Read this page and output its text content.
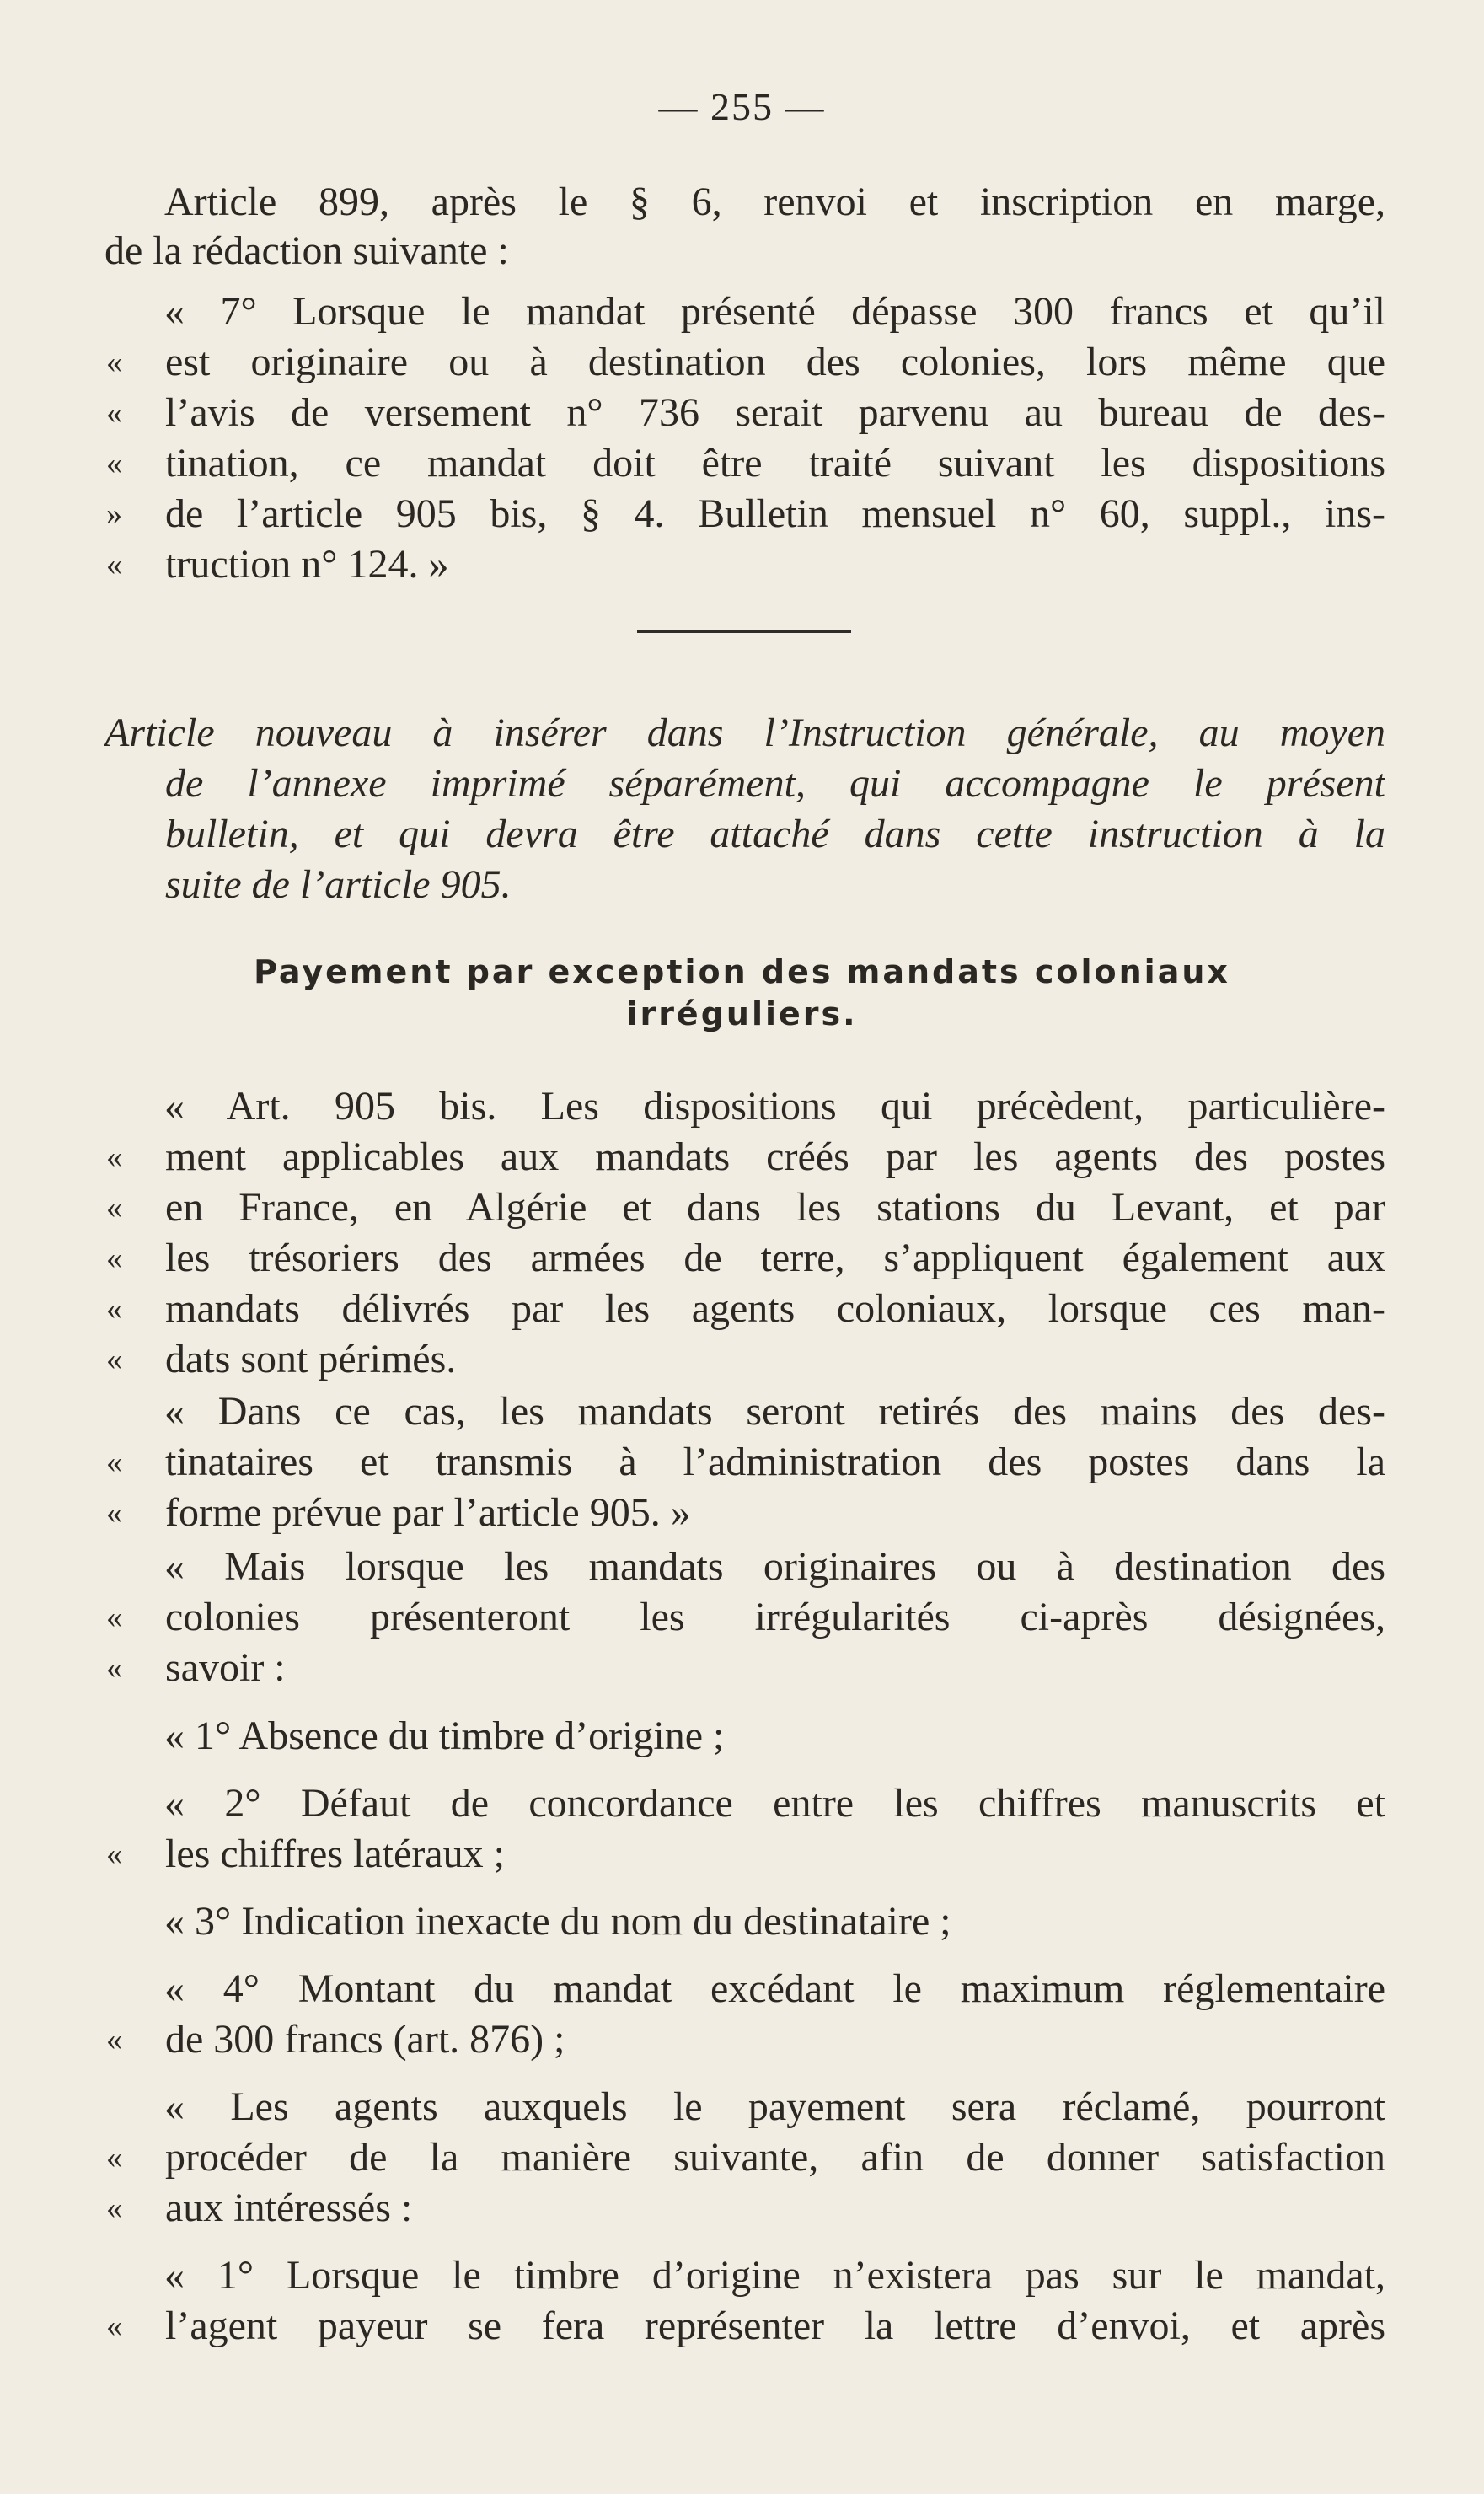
— 255 —
Article 899, après le § 6, renvoi et inscription en marge,
de la rédaction suivante :
« 7° Lorsque le mandat présenté dépasse 300 francs et qu’il
« est originaire ou à destination des colonies, lors même que
« l’avis de versement n° 736 serait parvenu au bureau de des-
« tination, ce mandat doit être traité suivant les dispositions
» de l’article 905 bis, § 4. Bulletin mensuel n° 60, suppl., ins-
« truction n° 124. »
Article nouveau à insérer dans l’Instruction générale, au moyen
de l’annexe imprimé séparément, qui accompagne le présent
bulletin, et qui devra être attaché dans cette instruction à la
suite de l’article 905.
Payement par exception des mandats coloniaux
irréguliers.
« Art. 905 bis. Les dispositions qui précèdent, particulière-
« ment applicables aux mandats créés par les agents des postes
« en France, en Algérie et dans les stations du Levant, et par
« les trésoriers des armées de terre, s’appliquent également aux
« mandats délivrés par les agents coloniaux, lorsque ces man-
« dats sont périmés.
« Dans ce cas, les mandats seront retirés des mains des des-
« tinataires et transmis à l’administration des postes dans la
« forme prévue par l’article 905. »
« Mais lorsque les mandats originaires ou à destination des
« colonies présenteront les irrégularités ci-après désignées,
« savoir :
« 1° Absence du timbre d’origine ;
« 2° Défaut de concordance entre les chiffres manuscrits et
« les chiffres latéraux ;
« 3° Indication inexacte du nom du destinataire ;
« 4° Montant du mandat excédant le maximum réglementaire
« de 300 francs (art. 876) ;
« Les agents auxquels le payement sera réclamé, pourront
« procéder de la manière suivante, afin de donner satisfaction
« aux intéressés :
« 1° Lorsque le timbre d’origine n’existera pas sur le mandat,
« l’agent payeur se fera représenter la lettre d’envoi, et après
